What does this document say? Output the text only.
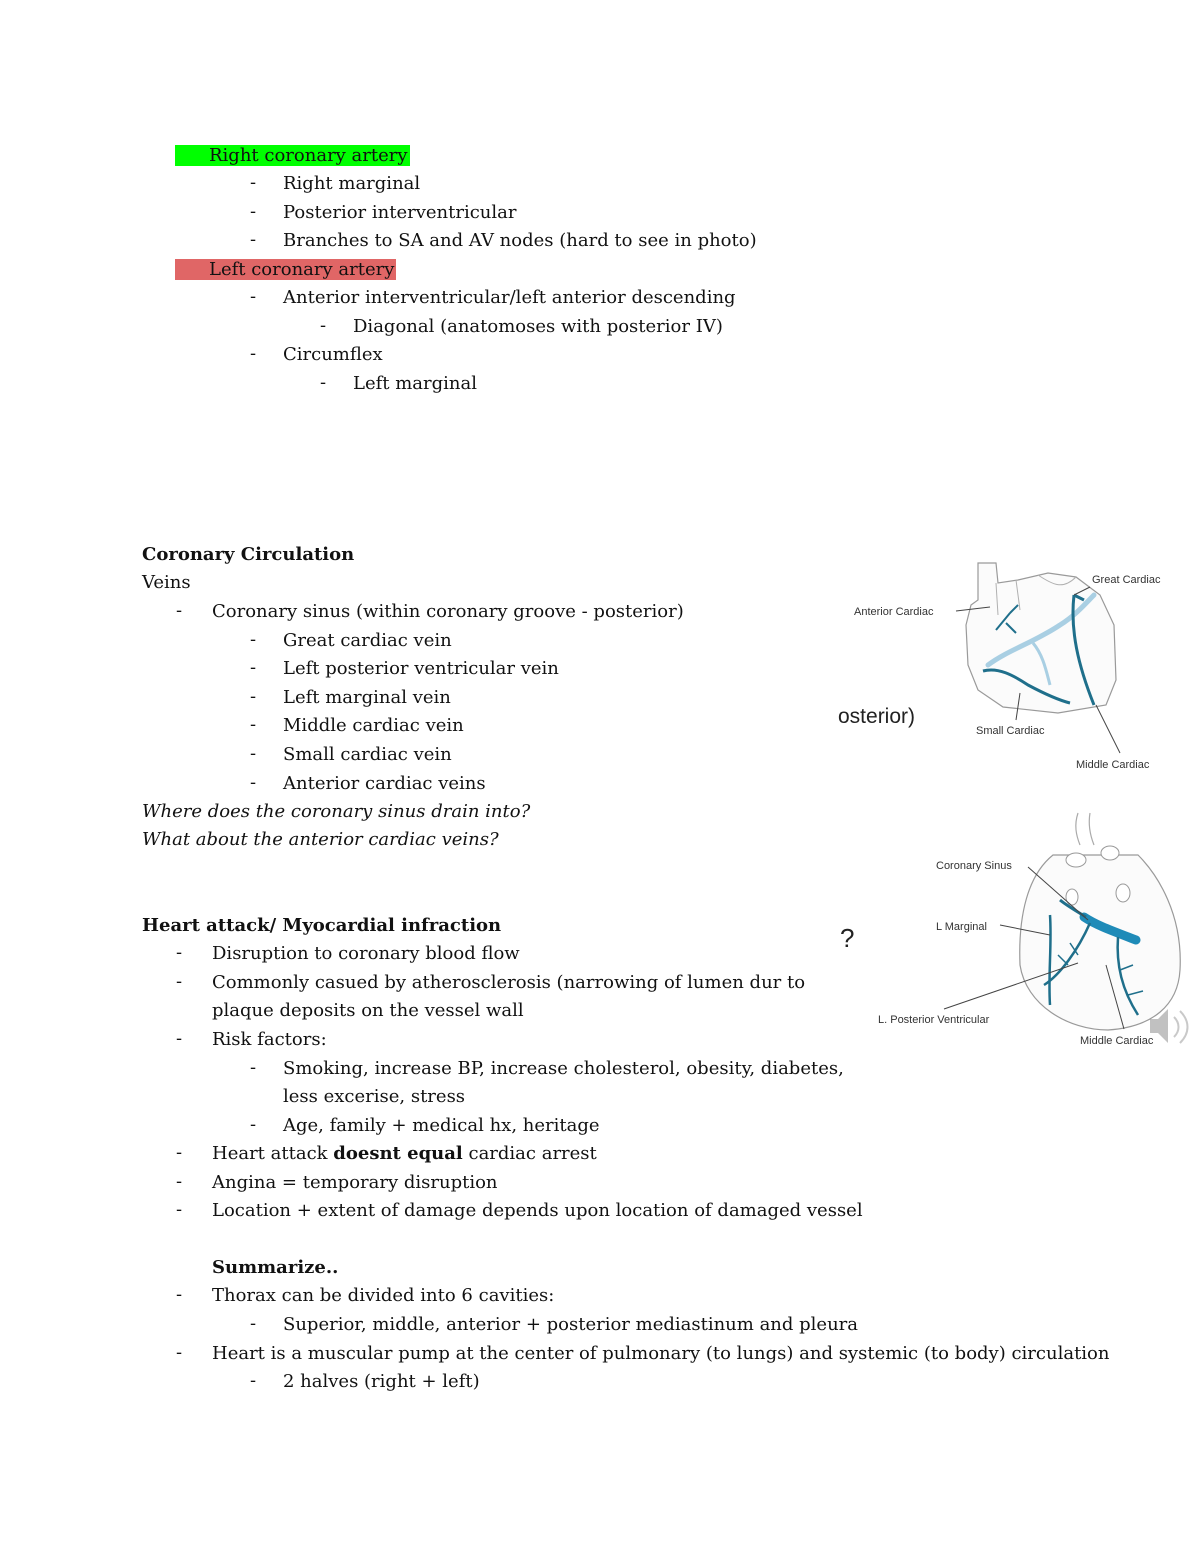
Right coronary artery
- Right marginal
- Posterior interventricular
- Branches to SA and AV nodes (hard to see in photo)
Left coronary artery
- Anterior interventricular/left anterior descending
- Diagonal (anatomoses with posterior IV)
- Circumflex
- Left marginal
Coronary Circulation
Veins
- Coronary sinus (within coronary groove - posterior)
- Great cardiac vein
- Left posterior ventricular vein
- Left marginal vein
- Middle cardiac vein
- Small cardiac vein
- Anterior cardiac veins
Where does the coronary sinus drain into?
What about the anterior cardiac veins?
Heart attack/ Myocardial infraction
- Disruption to coronary blood flow
- Commonly casued by atherosclerosis (narrowing of lumen dur to
plaque deposits on the vessel wall
- Risk factors:
- Smoking, increase BP, increase cholesterol, obesity, diabetes,
less excerise, stress
- Age, family + medical hx, heritage
- Heart attack doesnt equal cardiac arrest
- Angina = temporary disruption
- Location + extent of damage depends upon location of damaged vessel
Summarize..
- Thorax can be divided into 6 cavities:
- Superior, middle, anterior + posterior mediastinum and pleura
- Heart is a muscular pump at the center of pulmonary (to lungs) and systemic (to body) circulation
- 2 halves (right + left)
Great Cardiac
Anterior Cardiac
Small Cardiac
Middle Cardiac
osterior)
Coronary Sinus
L Marginal
L. Posterior Ventricular
Middle Cardiac
?
